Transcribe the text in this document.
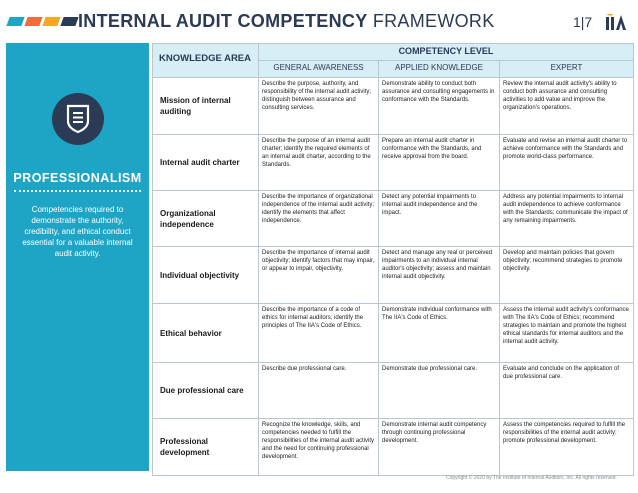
INTERNAL AUDIT COMPETENCY FRAMEWORK	1|7
PROFESSIONALISM
Competencies required to demonstrate the authority, credibility, and ethical conduct essential for a valuable internal audit activity.
KNOWLEDGE AREA	COMPETENCY LEVEL		
	GENERAL AWARENESS	APPLIED KNOWLEDGE	EXPERT
Mission of internal auditing	Describe the purpose, authority, and responsibility of the internal audit activity; distinguish between assurance and consulting services.	Demonstrate ability to conduct both assurance and consulting engagements in conformance with the Standards.	Review the internal audit activity's ability to conduct both assurance and consulting activities to add value and improve the organization's operations.
Internal audit charter	Describe the purpose of an internal audit charter; identify the required elements of an internal audit charter, according to the Standards.	Prepare an internal audit charter in conformance with the Standards, and receive approval from the board.	Evaluate and revise an internal audit charter to achieve conformance with the Standards and promote world-class performance.
Organizational independence	Describe the importance of organizational independence of the internal audit activity; identify the elements that affect independence.	Detect any potential impairments to internal audit independence and the impact.	Address any potential impairments to internal audit independence to achieve conformance with the Standards; communicate the impact of any remaining impairments.
Individual objectivity	Describe the importance of internal audit objectivity; identify factors that may impair, or appear to impair, objectivity.	Detect and manage any real or perceived impairments to an individual internal auditor's objectivity; assess and maintain internal audit objectivity.	Develop and maintain policies that govern objectivity; recommend strategies to promote objectivity.
Ethical behavior	Describe the importance of a code of ethics for internal auditors; identify the principles of The IIA's Code of Ethics.	Demonstrate individual conformance with The IIA's Code of Ethics.	Assess the internal audit activity's conformance with The IIA's Code of Ethics; recommend strategies to maintain and promote the highest ethical standards for internal auditors and the internal audit activity.
Due professional care	Describe due professional care.	Demonstrate due professional care.	Evaluate and conclude on the application of due professional care.
Professional development	Recognize the knowledge, skills, and competencies needed to fulfill the responsibilities of the internal audit activity and the need for continuing professional development.	Demonstrate internal audit competency through continuing professional development.	Assess the competencies required to fulfill the responsibilities of the internal audit activity; promote professional development.
Copyright © 2020 by The Institute of Internal Auditors, Inc. All rights reserved.
